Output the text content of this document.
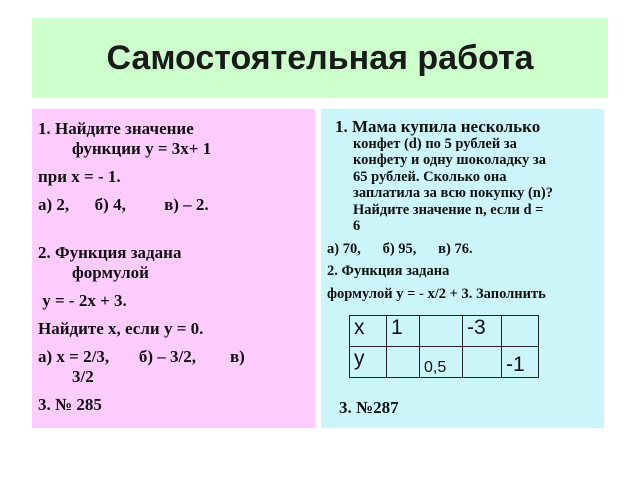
Самостоятельная работа

1. Найдите значение

функции у = 3х+ 1

при х = - 1.

а) 2,      б) 4,         в) – 2.

2. Функция задана

формулой

у = - 2х + 3.

Найдите х, если у = 0.

а) х = 2/3,       б) – 3/2,        в)

3/2

3. № 285

1. Мама купила несколько

конфет (d) по 5 рублей за

конфету и одну шоколадку за

65 рублей. Сколько она

заплатила за всю покупку (n)?

Найдите значение n, если d =

6

а) 70,      б) 95,      в) 76.

2. Функция задана

формулой у = - х/2 + 3. Заполнить

х	1		-3	
у		0,5		-1

3. №287
